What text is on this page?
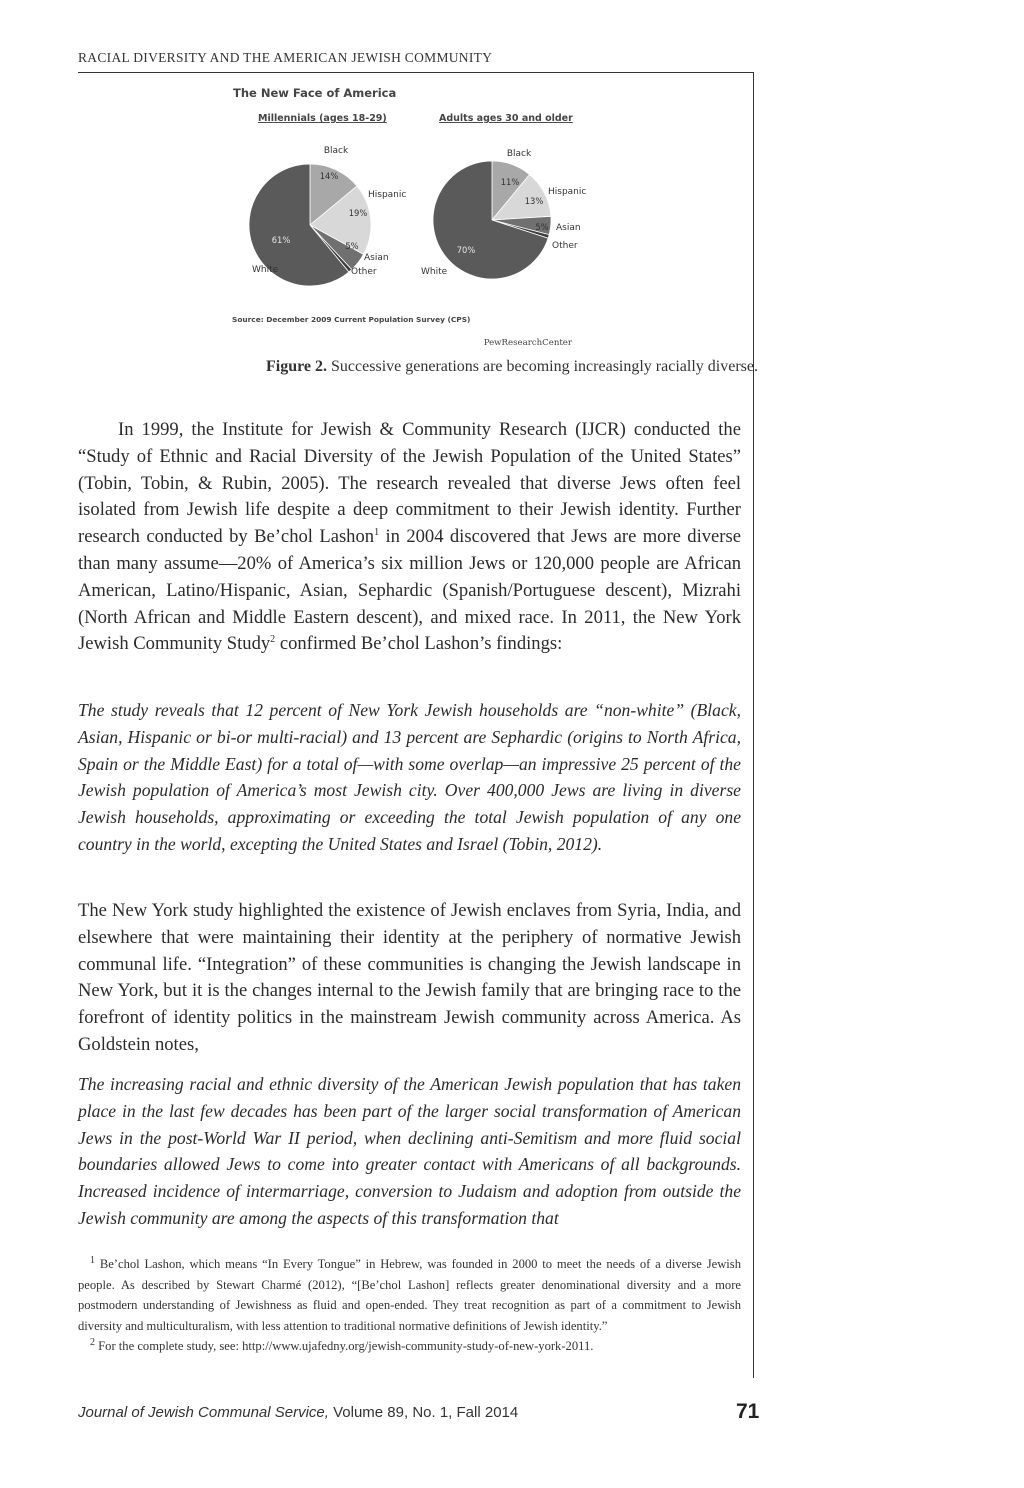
RACIAL DIVERSITY AND THE AMERICAN JEWISH COMMUNITY
The New Face of America
Millennials (ages 18-29)	Adults ages 30 and older
White
Black
Hispanic
Asian
Other
61%
14%
19%
5%
White
Black
Hispanic
Asian
Other
70%
11%
13%
5%
Source: December 2009 Current Population Survey (CPS)
PewResearchCenter
Figure 2. Successive generations are becoming increasingly racially diverse.

In 1999, the Institute for Jewish & Community Research (IJCR) conducted the “Study of Ethnic and Racial Diversity of the Jewish Population of the United States” (Tobin, Tobin, & Rubin, 2005). The research revealed that diverse Jews often feel isolated from Jewish life despite a deep commitment to their Jewish identity. Further research conducted by Be’chol Lashon$^1$ in 2004 discovered that Jews are more diverse than many assume—20% of America’s six million Jews or 120,000 people are African American, Latino/Hispanic, Asian, Sephardic (Spanish/Portuguese descent), Mizrahi (North African and Middle Eastern descent), and mixed race. In 2011, the New York Jewish Community Study$^2$ confirmed Be’chol Lashon’s findings:

The study reveals that 12 percent of New York Jewish households are “non-white” (Black, Asian, Hispanic or bi-or multi-racial) and 13 percent are Sephardic (origins to North Africa, Spain or the Middle East) for a total of—with some overlap—an impressive 25 percent of the Jewish population of America’s most Jewish city. Over 400,000 Jews are living in diverse Jewish households, approximating or exceeding the total Jewish population of any one country in the world, excepting the United States and Israel (Tobin, 2012).

The New York study highlighted the existence of Jewish enclaves from Syria, India, and elsewhere that were maintaining their identity at the periphery of normative Jewish communal life. “Integration” of these communities is changing the Jewish landscape in New York, but it is the changes internal to the Jewish family that are bringing race to the forefront of identity politics in the mainstream Jewish community across America. As Goldstein notes,

The increasing racial and ethnic diversity of the American Jewish population that has taken place in the last few decades has been part of the larger social transformation of American Jews in the post-World War II period, when declining anti-Semitism and more fluid social boundaries allowed Jews to come into greater contact with Americans of all backgrounds. Increased incidence of intermarriage, conversion to Judaism and adoption from outside the Jewish community are among the aspects of this transformation that

$^1$ Be’chol Lashon, which means “In Every Tongue” in Hebrew, was founded in 2000 to meet the needs of a diverse Jewish people. As described by Stewart Charmé (2012), “[Be’chol Lashon] reflects greater denominational diversity and a more postmodern understanding of Jewishness as fluid and open-ended. They treat recognition as part of a commitment to Jewish diversity and multiculturalism, with less attention to traditional normative definitions of Jewish identity.”

$^2$ For the complete study, see: http://www.ujafedny.org/jewish-community-study-of-new-york-2011.

Journal of Jewish Communal Service, Volume 89, No. 1, Fall 2014	71
